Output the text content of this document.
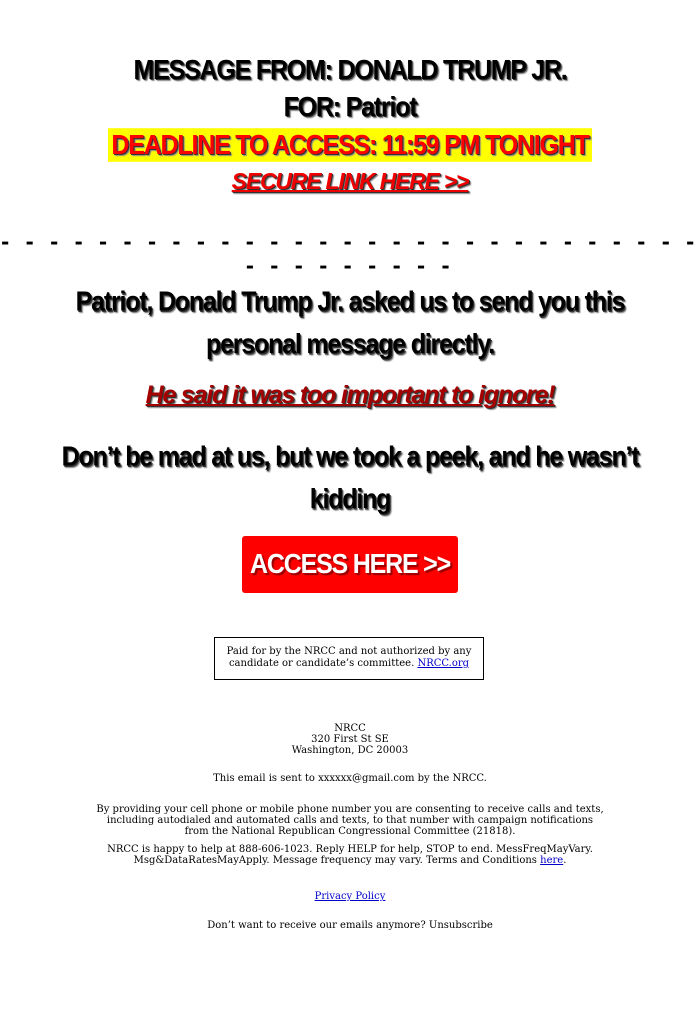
MESSAGE FROM: DONALD TRUMP JR.
FOR: Patriot
DEADLINE TO ACCESS: 11:59 PM TONIGHT
SECURE LINK HERE >>
- - - - - - - - - - - - - - - - - - - - - - - - - - - - - - - - - - - - - -
Patriot, Donald Trump Jr. asked us to send you this personal message directly.
He said it was too important to ignore!
Don’t be mad at us, but we took a peek, and he wasn’t kidding
ACCESS HERE >>
Paid for by the NRCC and not authorized by any candidate or candidate’s committee. NRCC.org
NRCC
320 First St SE
Washington, DC 20003
This email is sent to xxxxxx@gmail.com by the NRCC.
By providing your cell phone or mobile phone number you are consenting to receive calls and texts, including autodialed and automated calls and texts, to that number with campaign notifications from the National Republican Congressional Committee (21818).
NRCC is happy to help at 888-606-1023. Reply HELP for help, STOP to end. MessFreqMayVary. Msg&DataRatesMayApply. Message frequency may vary. Terms and Conditions here.
Privacy Policy
Don’t want to receive our emails anymore? Unsubscribe
